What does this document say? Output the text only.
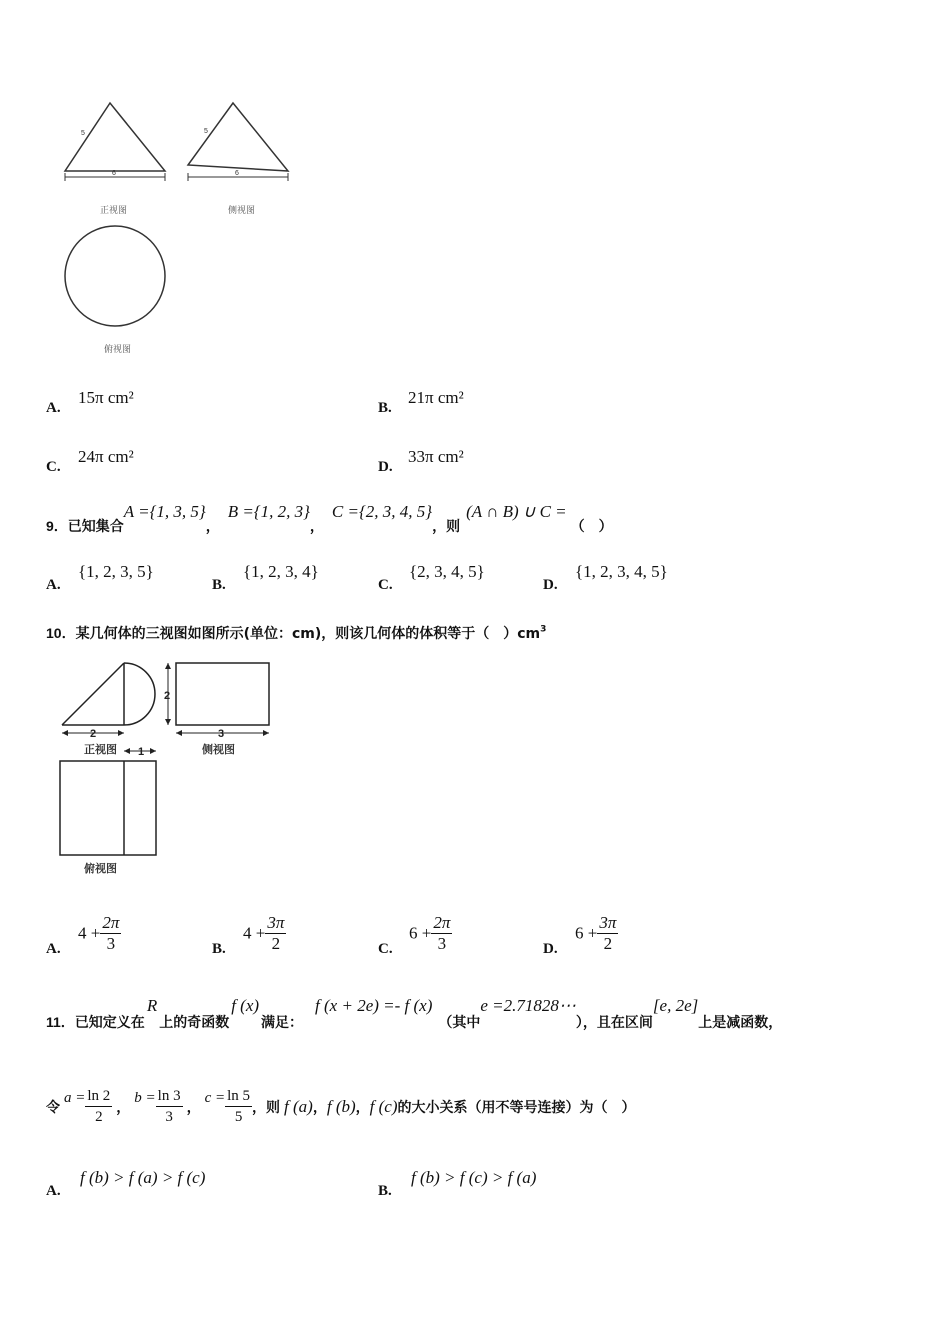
5
6
正视图
5
6
侧视图
俯视图
A.
15π cm²
B.
21π cm²
C.
24π cm²
D.
33π cm²
9．已知集合A ={1, 3, 5}，B ={1, 2, 3}，C ={2, 3, 4, 5}，则(A ∩ B) ∪ C =（　）
A.
{1, 2, 3, 5}
B.
{1, 2, 3, 4}
C.
{2, 3, 4, 5}
D.
{1, 2, 3, 4, 5}
10．某几何体的三视图如图所示(单位：cm)，则该几何体的体积等于（　）$cm^3$
2
正视图
2
3
侧视图
1
俯视图
A.
$4 + \frac{2\pi}{3}$	B.
$4 + \frac{3\pi}{2}$	C.
$6 + \frac{2\pi}{3}$	D.
$6 + \frac{3\pi}{2}$
11．已知定义在R上的奇函数f (x)满足：f (x + 2e) =- f (x)（其中e =2.71828⋯），且在区间[e, 2e]上是减函数，
令
$a = \frac{\ln 2}{2}$ ，
$b = \frac{\ln 3}{3}$ ，
$c = \frac{\ln 5}{5}$ ，则 f (a) ， f (b) ， f (c) 的大小关系（用不等号连接）为（　）
A.
f (b) > f (a) > f (c)
B.
f (b) > f (c) > f (a)
